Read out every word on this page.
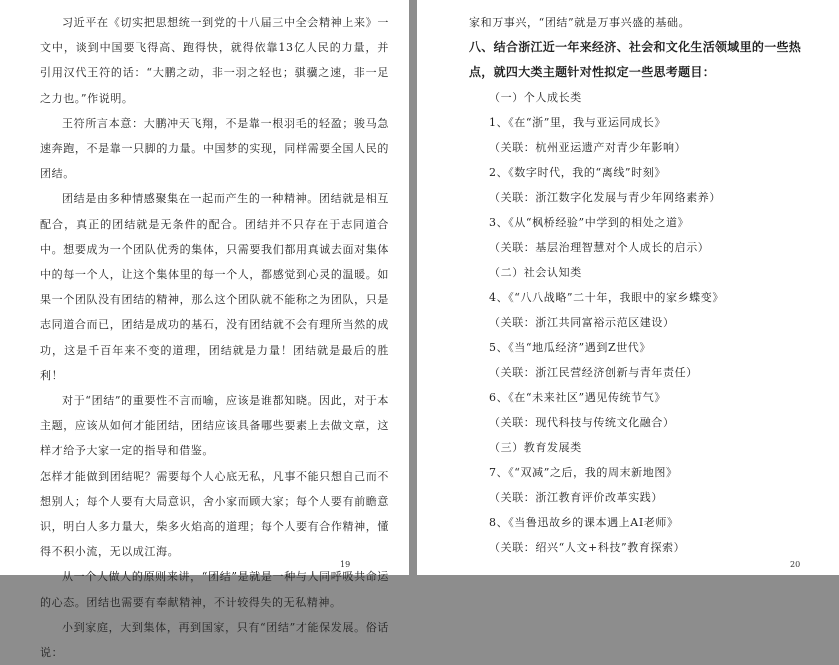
习近平在《切实把思想统一到党的十八届三中全会精神上来》一文中，谈到中国要飞得高、跑得快，就得依靠13亿人民的力量，并引用汉代王符的话：“大鹏之动，非一羽之轻也；骐骥之速，非一足之力也。”作说明。

王符所言本意：大鹏冲天飞翔，不是靠一根羽毛的轻盈；骏马急速奔跑，不是靠一只脚的力量。中国梦的实现，同样需要全国人民的团结。

团结是由多种情感聚集在一起而产生的一种精神。团结就是相互配合，真正的团结就是无条件的配合。团结并不只存在于志同道合中。想要成为一个团队优秀的集体，只需要我们都用真诚去面对集体中的每一个人，让这个集体里的每一个人，都感觉到心灵的温暖。如果一个团队没有团结的精神，那么这个团队就不能称之为团队，只是志同道合而已，团结是成功的基石，没有团结就不会有理所当然的成功，这是千百年来不变的道理，团结就是力量！团结就是最后的胜利！

对于“团结”的重要性不言而喻，应该是谁都知晓。因此，对于本主题，应该从如何才能团结，团结应该具备哪些要素上去做文章，这样才给予大家一定的指导和借鉴。

怎样才能做到团结呢？需要每个人心底无私，凡事不能只想自己而不想别人；每个人要有大局意识，舍小家而顾大家；每个人要有前瞻意识，明白人多力量大，柴多火焰高的道理；每个人要有合作精神，懂得不积小流，无以成江海。

从一个人做人的原则来讲，“团结”是就是一种与人同呼吸共命运的心态。团结也需要有奉献精神，不计较得失的无私精神。

小到家庭，大到集体，再到国家，只有“团结”才能保发展。俗话说：

19

家和万事兴，“团结”就是万事兴盛的基础。

八、结合浙江近一年来经济、社会和文化生活领域里的一些热点，就四大类主题针对性拟定一些思考题目：

（一）个人成长类
1、《在“浙”里，我与亚运同成长》
（关联：杭州亚运遗产对青少年影响）
2、《数字时代，我的“离线”时刻》
（关联：浙江数字化发展与青少年网络素养）
3、《从“枫桥经验”中学到的相处之道》
（关联：基层治理智慧对个人成长的启示）
（二）社会认知类
4、《“八八战略”二十年，我眼中的家乡蝶变》
（关联：浙江共同富裕示范区建设）
5、《当“地瓜经济”遇到Z世代》
（关联：浙江民营经济创新与青年责任）
6、《在“未来社区”遇见传统节气》
（关联：现代科技与传统文化融合）
（三）教育发展类
7、《“双减”之后，我的周末新地图》
（关联：浙江教育评价改革实践）
8、《当鲁迅故乡的课本遇上AI老师》
（关联：绍兴“人文+科技”教育探索）
20
